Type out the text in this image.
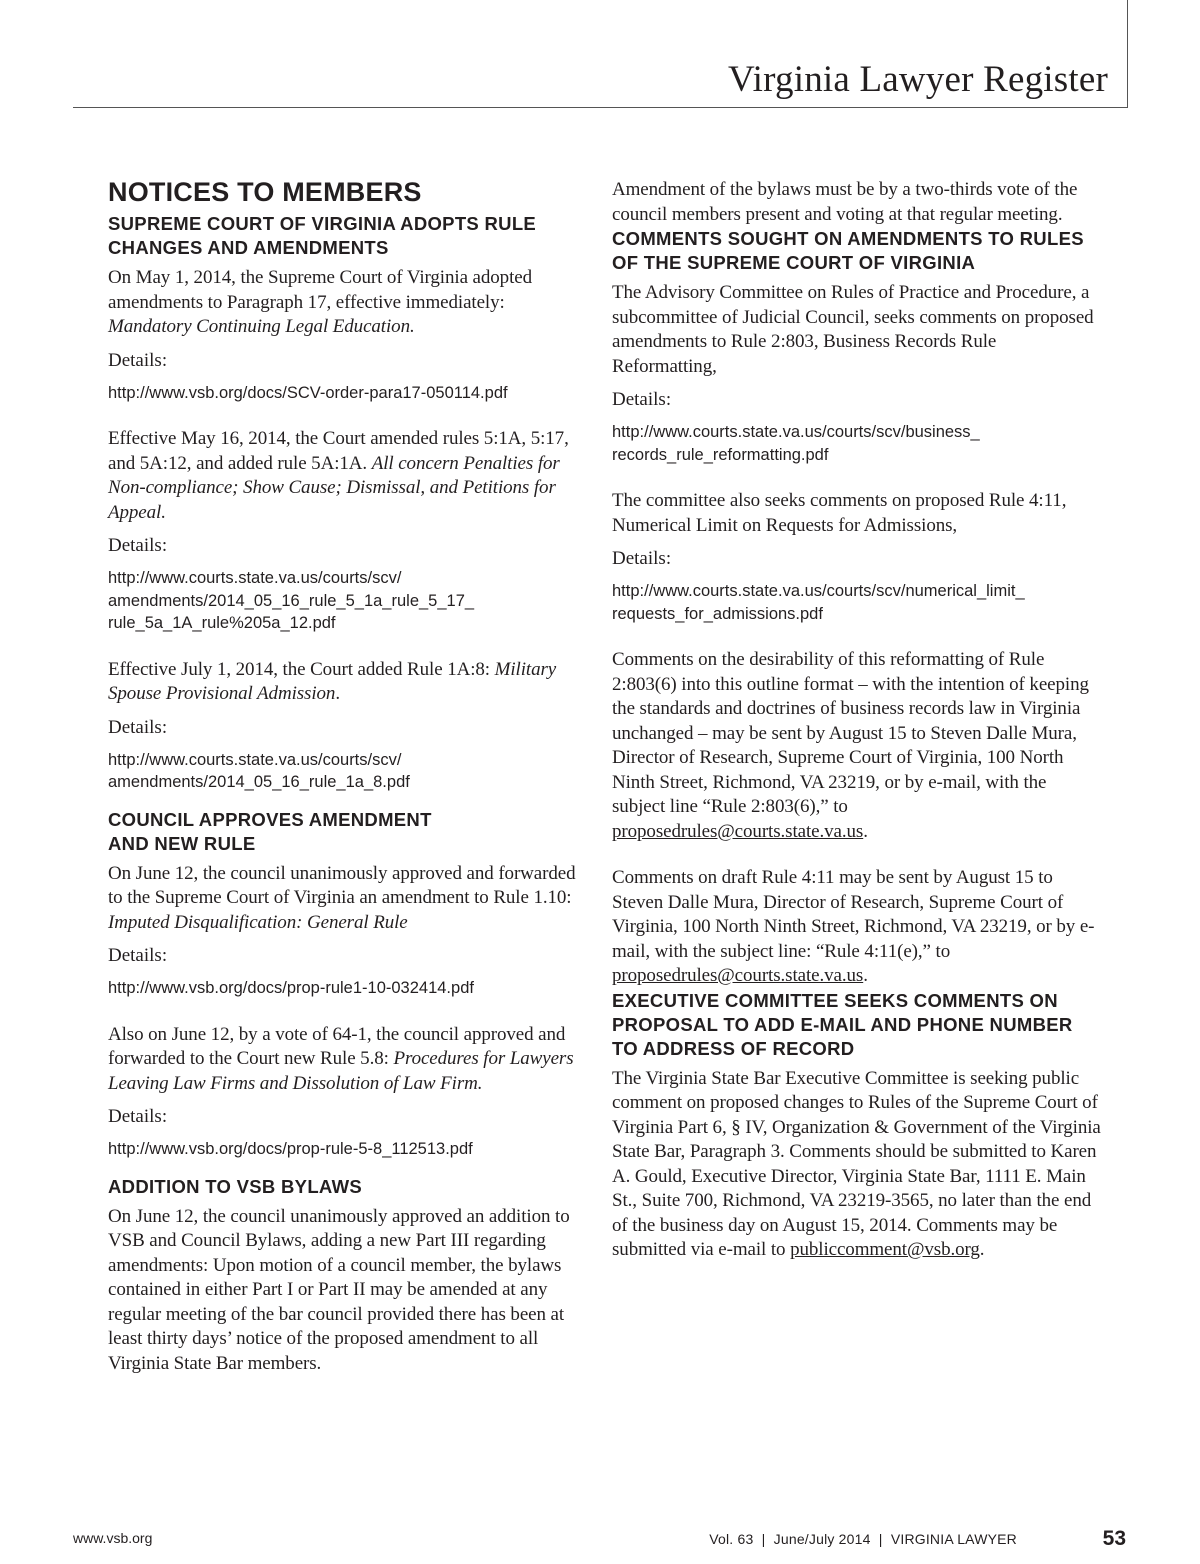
Virginia Lawyer Register
NOTICES TO MEMBERS
SUPREME COURT OF VIRGINIA ADOPTS RULE CHANGES AND AMENDMENTS

On May 1, 2014, the Supreme Court of Virginia adopted amendments to Paragraph 17, effective immediately: Mandatory Continuing Legal Education.

Details:

http://www.vsb.org/docs/SCV-order-para17-050114.pdf

Effective May 16, 2014, the Court amended rules 5:1A, 5:17, and 5A:12, and added rule 5A:1A. All concern Penalties for Non-compliance; Show Cause; Dismissal, and Petitions for Appeal.

Details:

http://www.courts.state.va.us/courts/scv/
amendments/2014_05_16_rule_5_1a_rule_5_17_
rule_5a_1A_rule%205a_12.pdf

Effective July 1, 2014, the Court added Rule 1A:8: Military Spouse Provisional Admission.

Details:

http://www.courts.state.va.us/courts/scv/
amendments/2014_05_16_rule_1a_8.pdf

COUNCIL APPROVES AMENDMENT
AND NEW RULE

On June 12, the council unanimously approved and forwarded to the Supreme Court of Virginia an amendment to Rule 1.10: Imputed Disqualification: General Rule

Details:

http://www.vsb.org/docs/prop-rule1-10-032414.pdf

Also on June 12, by a vote of 64-1, the council approved and forwarded to the Court new Rule 5.8: Procedures for Lawyers Leaving Law Firms and Dissolution of Law Firm.

Details:

http://www.vsb.org/docs/prop-rule-5-8_112513.pdf

ADDITION TO VSB BYLAWS

On June 12, the council unanimously approved an addition to VSB and Council Bylaws, adding a new Part III regarding amendments: Upon motion of a council member, the bylaws contained in either Part I or Part II may be amended at any regular meeting of the bar council provided there has been at least thirty days’ notice of the proposed amendment to all Virginia State Bar members.

Amendment of the bylaws must be by a two-thirds vote of the council members present and voting at that regular meeting.

COMMENTS SOUGHT ON AMENDMENTS TO RULES OF THE SUPREME COURT OF VIRGINIA

The Advisory Committee on Rules of Practice and Procedure, a subcommittee of Judicial Council, seeks comments on proposed amendments to Rule 2:803, Business Records Rule Reformatting,

Details:

http://www.courts.state.va.us/courts/scv/business_
records_rule_reformatting.pdf

The committee also seeks comments on proposed Rule 4:11, Numerical Limit on Requests for Admissions,

Details:

http://www.courts.state.va.us/courts/scv/numerical_limit_
requests_for_admissions.pdf

Comments on the desirability of this reformatting of Rule 2:803(6) into this outline format – with the intention of keeping the standards and doctrines of business records law in Virginia unchanged – may be sent by August 15 to Steven Dalle Mura, Director of Research, Supreme Court of Virginia, 100 North Ninth Street, Richmond, VA 23219, or by e-mail, with the subject line “Rule 2:803(6),” to proposedrules@courts.state.va.us.

Comments on draft Rule 4:11 may be sent by August 15 to Steven Dalle Mura, Director of Research, Supreme Court of Virginia, 100 North Ninth Street, Richmond, VA 23219, or by e-mail, with the subject line: “Rule 4:11(e),” to proposedrules@courts.state.va.us.

EXECUTIVE COMMITTEE SEEKS COMMENTS ON PROPOSAL TO ADD E-MAIL AND PHONE NUMBER TO ADDRESS OF RECORD

The Virginia State Bar Executive Committee is seeking public comment on proposed changes to Rules of the Supreme Court of Virginia Part 6, § IV, Organization & Government of the Virginia State Bar, Paragraph 3. Comments should be submitted to Karen A. Gould, Executive Director, Virginia State Bar, 1111 E. Main St., Suite 700, Richmond, VA 23219-3565, no later than the end of the business day on August 15, 2014. Comments may be submitted via e-mail to publiccomment@vsb.org.

www.vsb.org	Vol. 63  |  June/July 2014  |  VIRGINIA LAWYER	53
